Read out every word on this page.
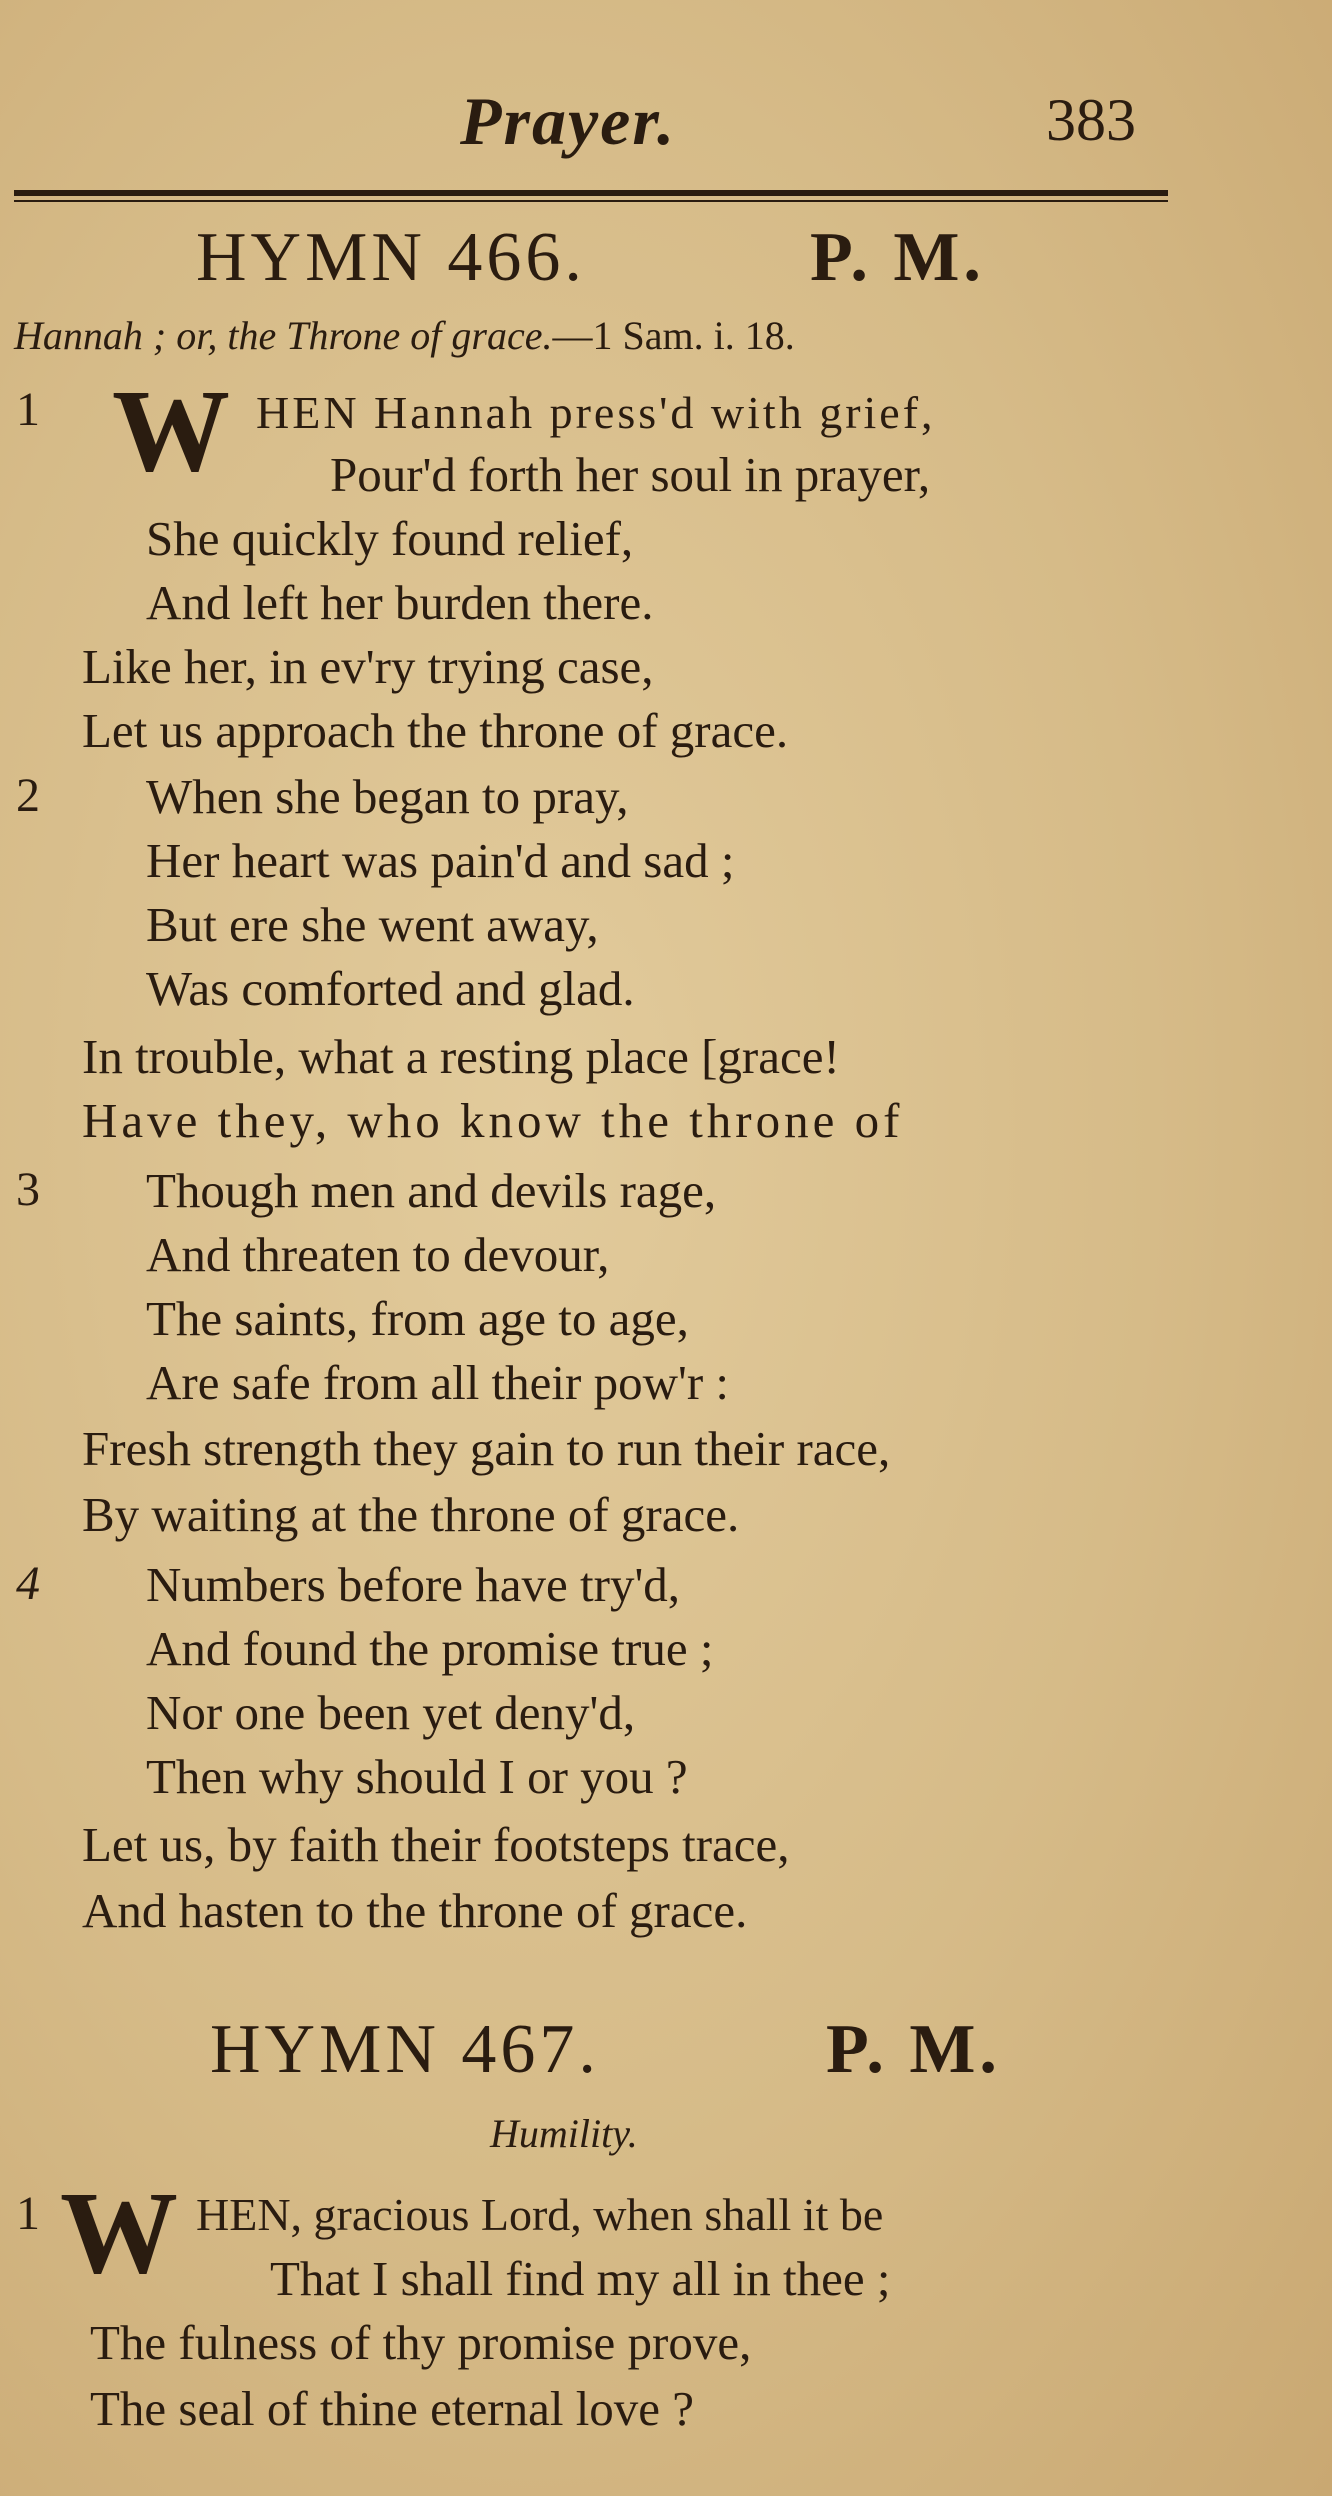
Prayer.	383
HYMN 466.	P. M.
Hannah ; or, the Throne of grace.—1 Sam. i. 18.
1 W HEN Hannah press'd with grief,
Pour'd forth her soul in prayer,
She quickly found relief,
And left her burden there.
Like her, in ev'ry trying case,
Let us approach the throne of grace.
2 When she began to pray,
Her heart was pain'd and sad ;
But ere she went away,
Was comforted and glad.
In trouble, what a resting place [grace!
Have they, who know the throne of
3 Though men and devils rage,
And threaten to devour,
The saints, from age to age,
Are safe from all their pow'r :
Fresh strength they gain to run their race,
By waiting at the throne of grace.
4 Numbers before have try'd,
And found the promise true ;
Nor one been yet deny'd,
Then why should I or you ?
Let us, by faith their footsteps trace,
And hasten to the throne of grace.
HYMN 467.	P. M.
Humility.
1 W HEN, gracious Lord, when shall it be
That I shall find my all in thee ;
The fulness of thy promise prove,
The seal of thine eternal love ?
